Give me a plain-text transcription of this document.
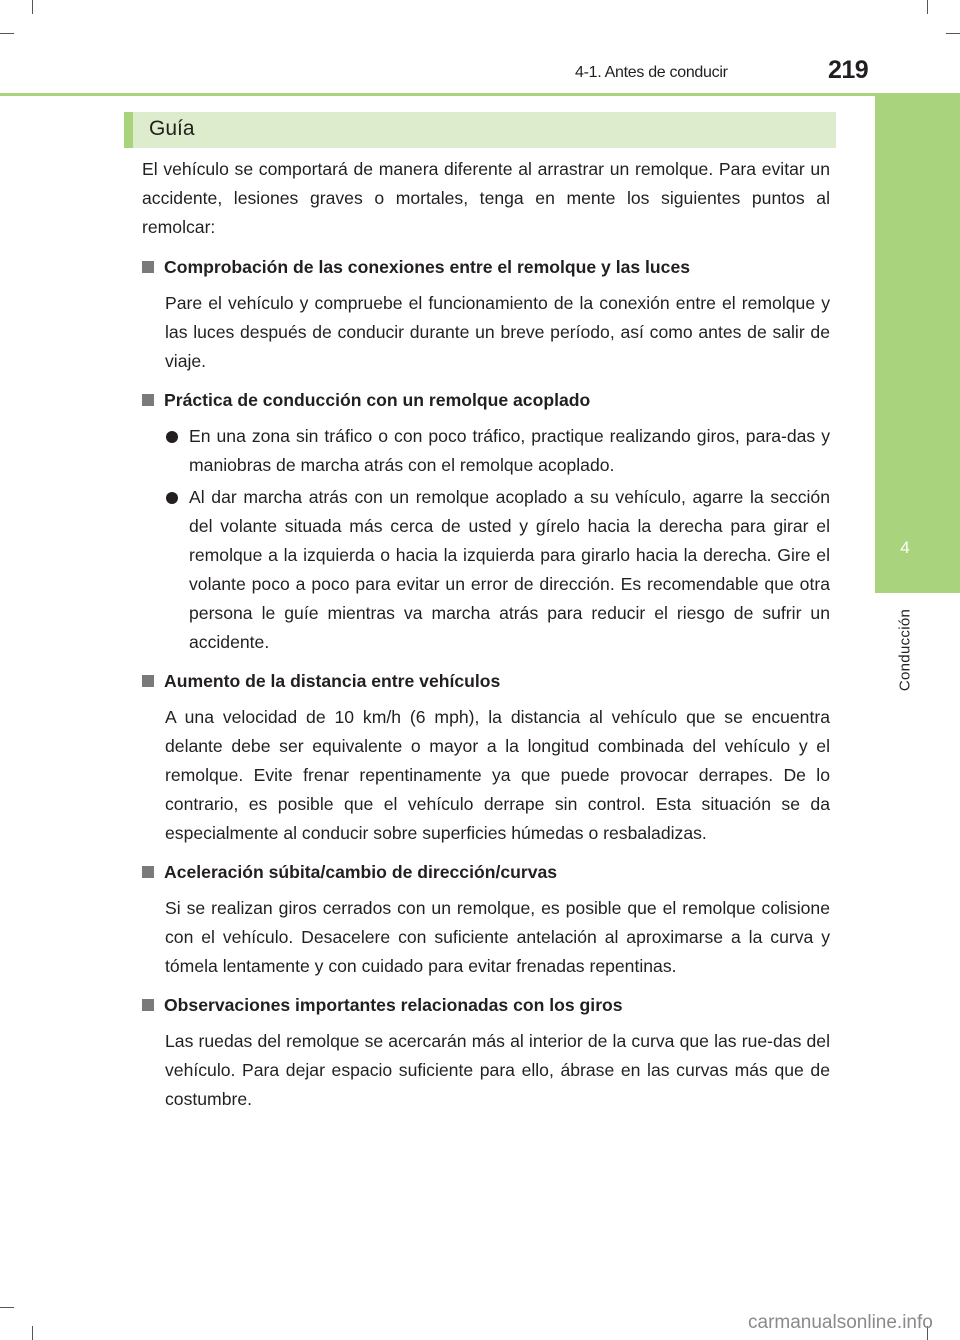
4-1. Antes de conducir	219
4
Conducción
Guía

El vehículo se comportará de manera diferente al arrastrar un remolque. Para evitar un accidente, lesiones graves o mortales, tenga en mente los siguientes puntos al remolcar:

Comprobación de las conexiones entre el remolque y las luces

Pare el vehículo y compruebe el funcionamiento de la conexión entre el remolque y las luces después de conducir durante un breve período, así como antes de salir de viaje.

Práctica de conducción con un remolque acoplado

En una zona sin tráfico o con poco tráfico, practique realizando giros, para-das y maniobras de marcha atrás con el remolque acoplado.

Al dar marcha atrás con un remolque acoplado a su vehículo, agarre la sección del volante situada más cerca de usted y gírelo hacia la derecha para girar el remolque a la izquierda o hacia la izquierda para girarlo hacia la derecha. Gire el volante poco a poco para evitar un error de dirección. Es recomendable que otra persona le guíe mientras va marcha atrás para reducir el riesgo de sufrir un accidente.

Aumento de la distancia entre vehículos

A una velocidad de 10 km/h (6 mph), la distancia al vehículo que se encuentra delante debe ser equivalente o mayor a la longitud combinada del vehículo y el remolque. Evite frenar repentinamente ya que puede provocar derrapes. De lo contrario, es posible que el vehículo derrape sin control. Esta situación se da especialmente al conducir sobre superficies húmedas o resbaladizas.

Aceleración súbita/cambio de dirección/curvas

Si se realizan giros cerrados con un remolque, es posible que el remolque colisione con el vehículo. Desacelere con suficiente antelación al aproximarse a la curva y tómela lentamente y con cuidado para evitar frenadas repentinas.

Observaciones importantes relacionadas con los giros

Las ruedas del remolque se acercarán más al interior de la curva que las rue-das del vehículo. Para dejar espacio suficiente para ello, ábrase en las curvas más que de costumbre.

carmanualsonline.info
